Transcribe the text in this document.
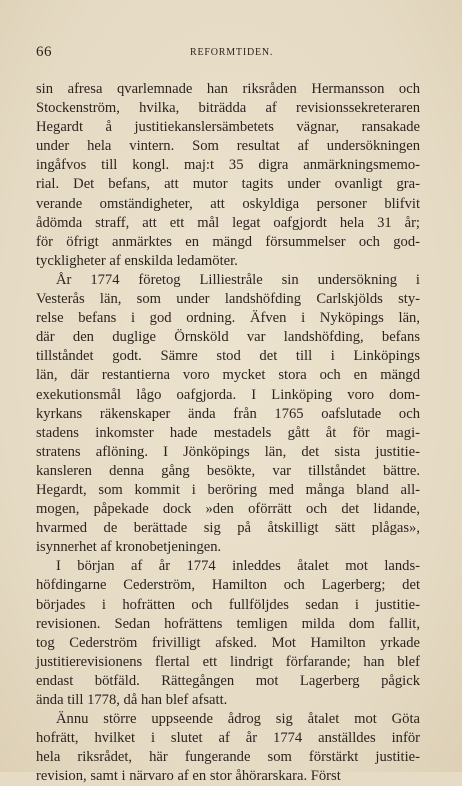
66	REFORMTIDEN.
sin afresa qvarlemnade han riksråden Hermansson och
Stockenström, hvilka, biträdda af revisionssekreteraren
Hegardt å justitiekanslersämbetets vägnar, ransakade
under hela vintern. Som resultat af undersökningen
ingåfvos till kongl. maj:t 35 digra anmärkningsmemo-
rial. Det befans, att mutor tagits under ovanligt gra-
verande omständigheter, att oskyldiga personer blifvit
ådömda straff, att ett mål legat oafgjordt hela 31 år;
för öfrigt anmärktes en mängd försummelser och god-
tyckligheter af enskilda ledamöter.
År 1774 företog Lilliestråle sin undersökning i
Vesterås län, som under landshöfding Carlskjölds sty-
relse befans i god ordning. Äfven i Nyköpings län,
där den duglige Örnsköld var landshöfding, befans
tillståndet godt. Sämre stod det till i Linköpings
län, där restantierna voro mycket stora och en mängd
exekutionsmål lågo oafgjorda. I Linköping voro dom-
kyrkans räkenskaper ända från 1765 oafslutade och
stadens inkomster hade mestadels gått åt för magi-
stratens aflöning. I Jönköpings län, det sista justitie-
kansleren denna gång besökte, var tillståndet bättre.
Hegardt, som kommit i beröring med många bland all-
mogen, påpekade dock »den oförrätt och det lidande,
hvarmed de berättade sig på åtskilligt sätt plågas»,
isynnerhet af kronobetjeningen.
I början af år 1774 inleddes åtalet mot lands-
höfdingarne Cederström, Hamilton och Lagerberg; det
börjades i hofrätten och fullföljdes sedan i justitie-
revisionen. Sedan hofrättens temligen milda dom fallit,
tog Cederström frivilligt afsked. Mot Hamilton yrkade
justitierevisionens flertal ett lindrigt förfarande; han blef
endast bötfäld. Rättegången mot Lagerberg pågick
ända till 1778, då han blef afsatt.
Ännu större uppseende ådrog sig åtalet mot Göta
hofrätt, hvilket i slutet af år 1774 anställdes inför
hela riksrådet, här fungerande som förstärkt justitie-
revision, samt i närvaro af en stor åhörarskara. Först
